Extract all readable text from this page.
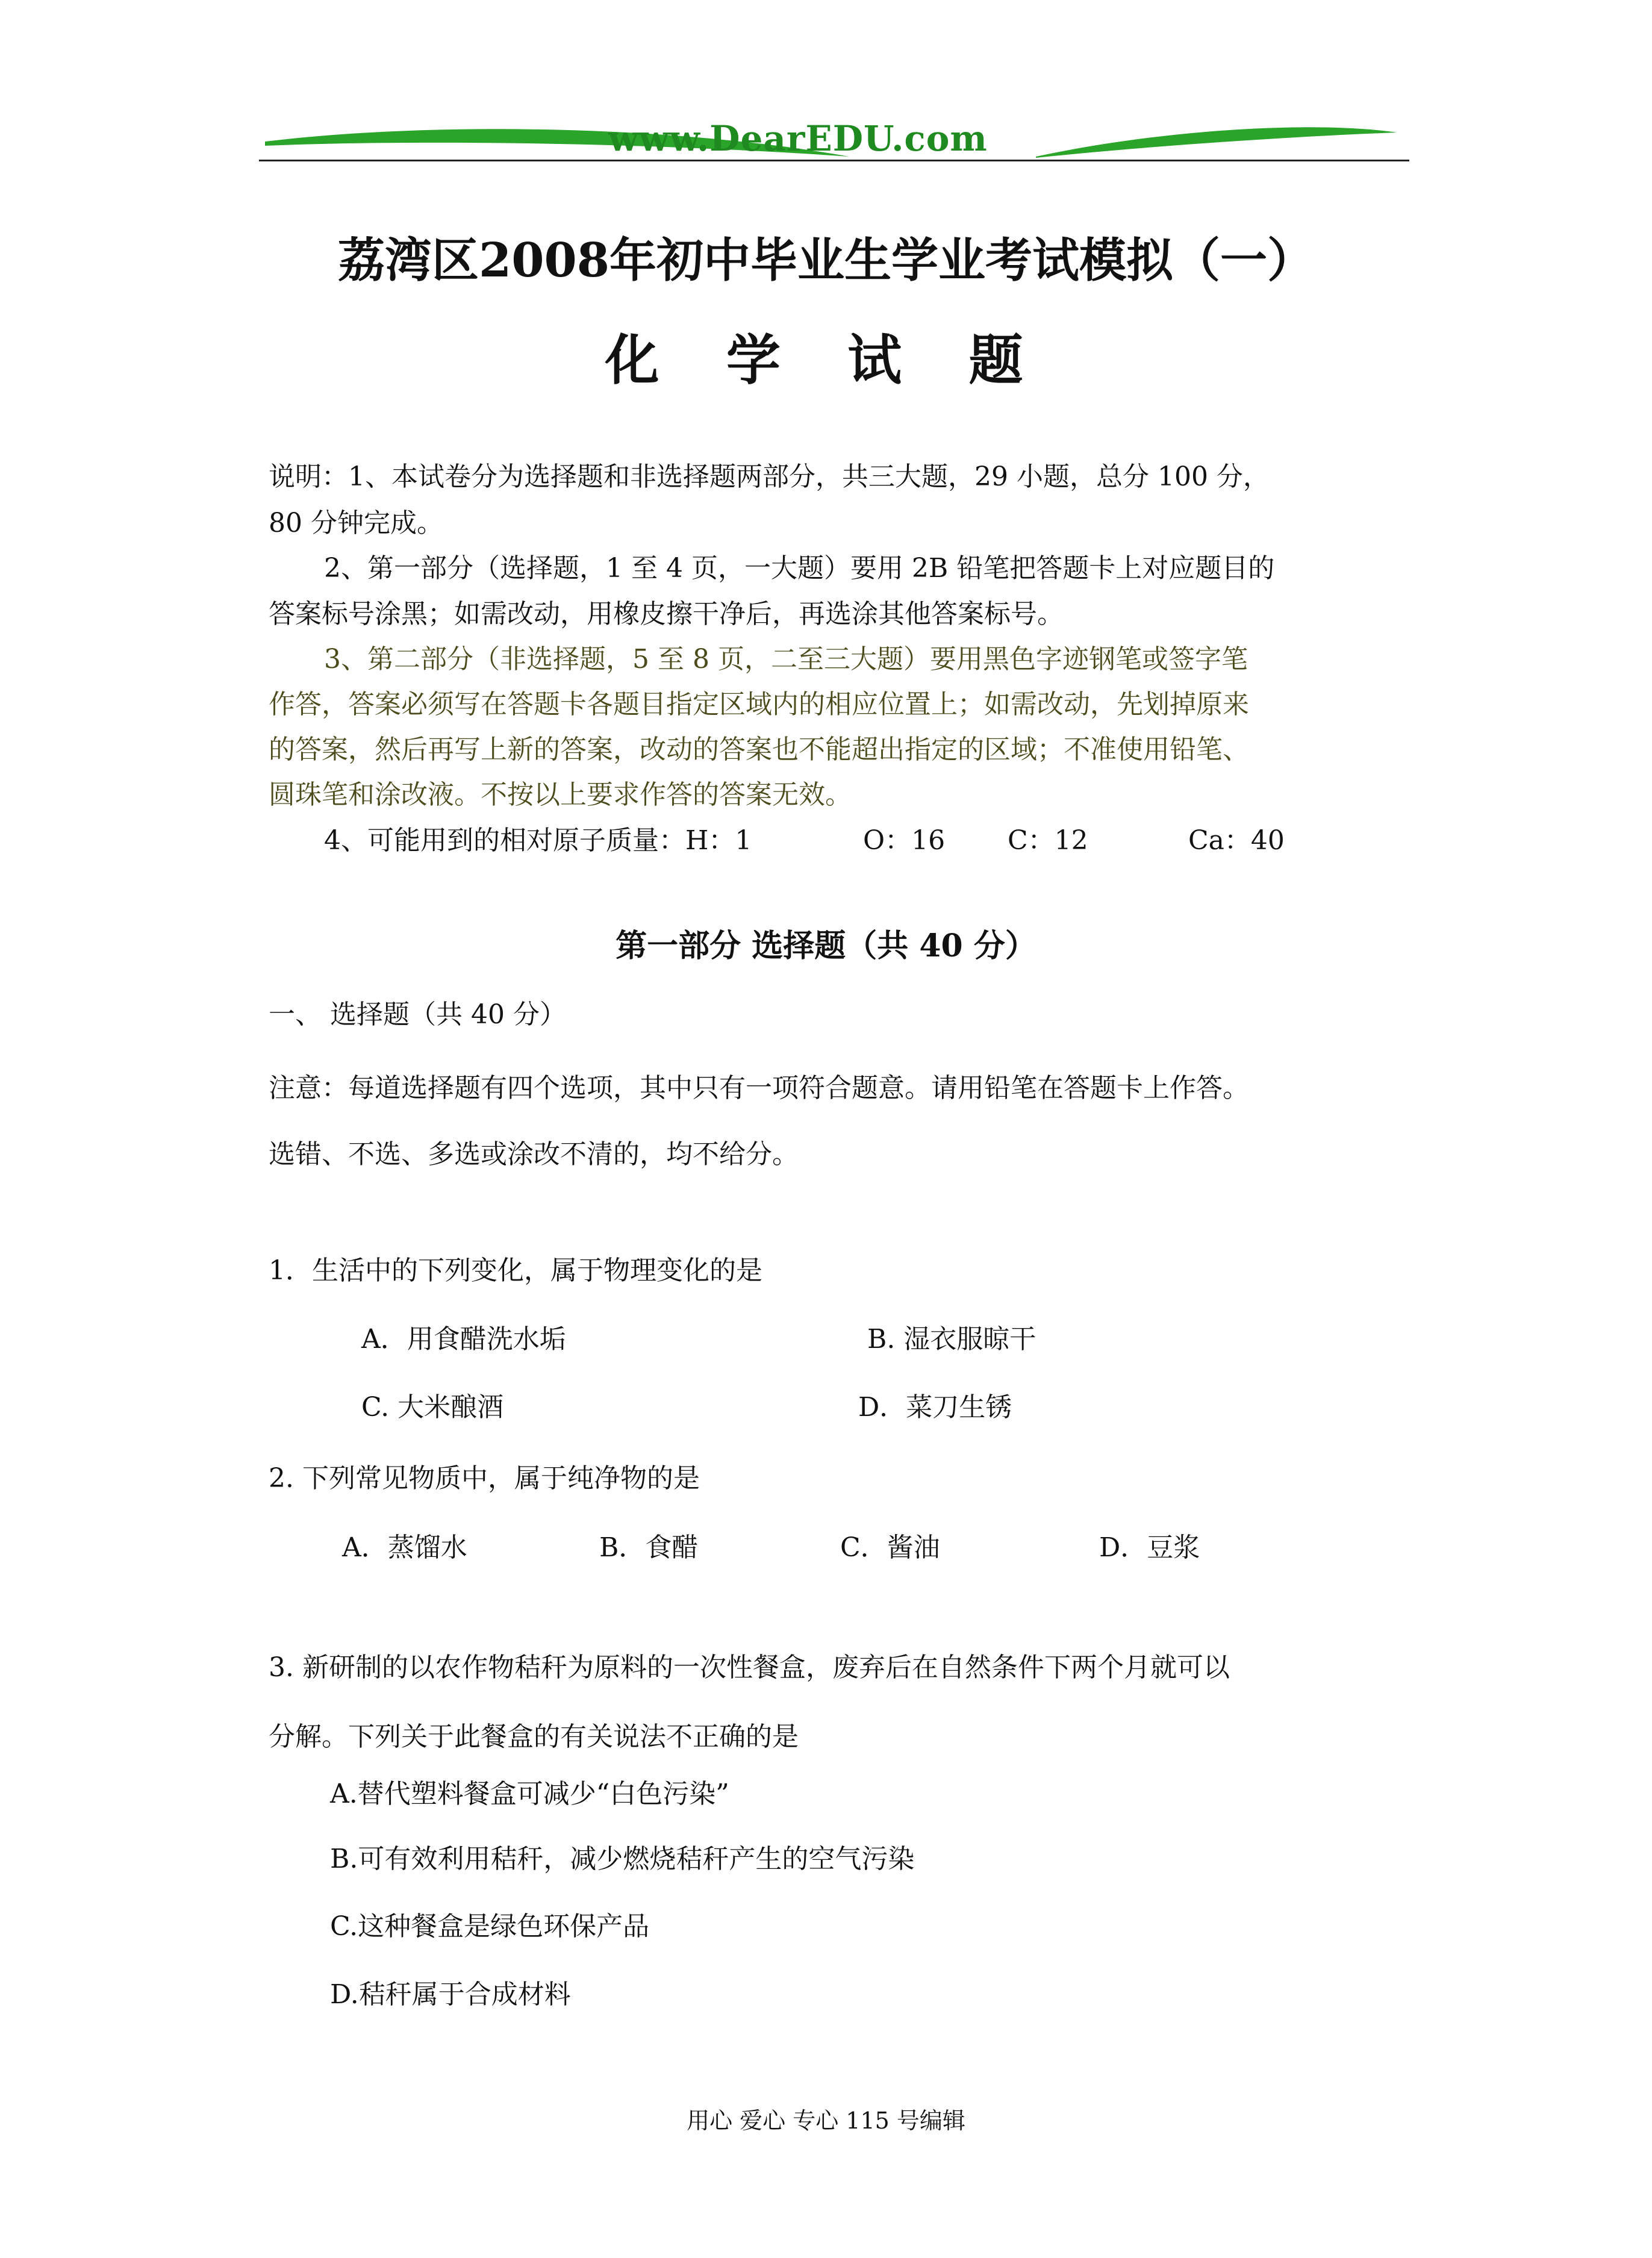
www.DearEDU.com
荔湾区2008年初中毕业生学业考试模拟（一）
化 学 试 题
说明：1、本试卷分为选择题和非选择题两部分，共三大题，29 小题，总分 100 分，
80 分钟完成。
2、第一部分（选择题，1 至 4 页，一大题）要用 2B 铅笔把答题卡上对应题目的
答案标号涂黑；如需改动，用橡皮擦干净后，再选涂其他答案标号。
3、第二部分（非选择题，5 至 8 页，二至三大题）要用黑色字迹钢笔或签字笔
作答，答案必须写在答题卡各题目指定区域内的相应位置上；如需改动，先划掉原来
的答案，然后再写上新的答案，改动的答案也不能超出指定的区域；不准使用铅笔、
圆珠笔和涂改液。不按以上要求作答的答案无效。
4、可能用到的相对原子质量：H：1	O：16 C：12	Ca：40
第一部分 选择题（共 40 分）
一、 选择题（共 40 分）
注意：每道选择题有四个选项，其中只有一项符合题意。请用铅笔在答题卡上作答。
选错、不选、多选或涂改不清的，均不给分。
1．生活中的下列变化，属于物理变化的是
A．用食醋洗水垢	B. 湿衣服晾干
C. 大米酿酒	D．菜刀生锈
2. 下列常见物质中，属于纯净物的是
A．蒸馏水	B．食醋	C．酱油	D．豆浆
3. 新研制的以农作物秸秆为原料的一次性餐盒，废弃后在自然条件下两个月就可以
分解。下列关于此餐盒的有关说法不正确的是
A.替代塑料餐盒可减少“白色污染”
B.可有效利用秸秆，减少燃烧秸秆产生的空气污染
C.这种餐盒是绿色环保产品
D.秸秆属于合成材料
用心 爱心 专心 115 号编辑
